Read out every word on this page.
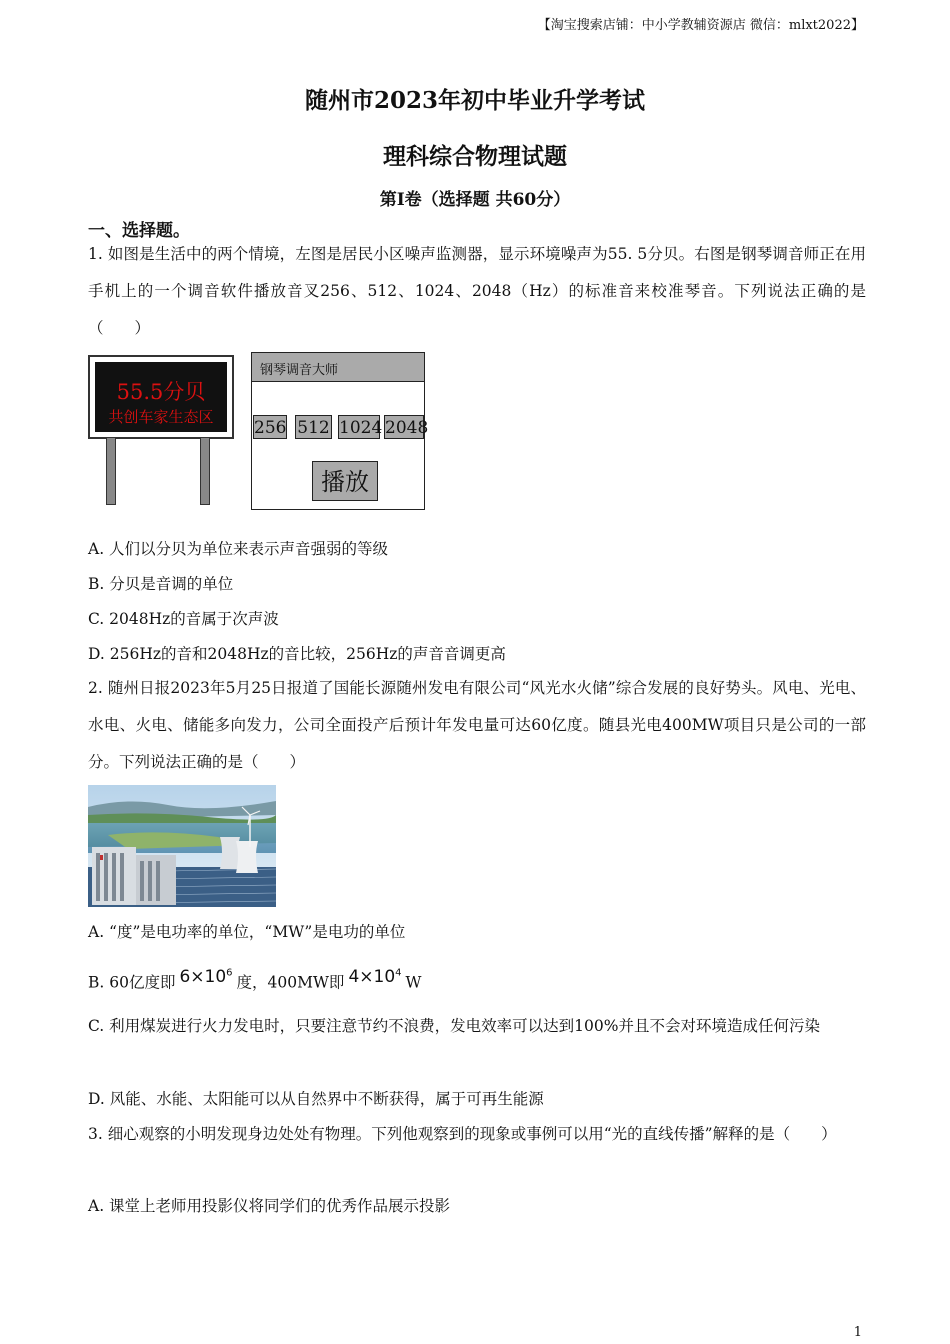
【淘宝搜索店铺：中小学教辅资源店 微信：mlxt2022】
随州市2023年初中毕业升学考试
理科综合物理试题
第I卷（选择题 共60分）
一、选择题。
1. 如图是生活中的两个情境，左图是居民小区噪声监测器，显示环境噪声为55. 5分贝。右图是钢琴调音师正在用手机上的一个调音软件播放音叉256、512、1024、2048（Hz）的标准音来校准琴音。下列说法正确的是（　　）
55.5分贝
共创车家生态区
钢琴调音大师
256 512 1024 2048
播放
A. 人们以分贝为单位来表示声音强弱的等级
B. 分贝是音调的单位
C. 2048Hz的音属于次声波
D. 256Hz的音和2048Hz的音比较，256Hz的声音音调更高
2. 随州日报2023年5月25日报道了国能长源随州发电有限公司“风光水火储”综合发展的良好势头。风电、光电、水电、火电、储能多向发力，公司全面投产后预计年发电量可达60亿度。随县光电400MW项目只是公司的一部分。下列说法正确的是（　　）
A. “度”是电功率的单位，“MW”是电功的单位
B. 60亿度即 $6\times 10^6$度，400MW即 $4\times 10^4W$
C. 利用煤炭进行火力发电时，只要注意节约不浪费，发电效率可以达到100%并且不会对环境造成任何污染
D. 风能、水能、太阳能可以从自然界中不断获得，属于可再生能源
3. 细心观察的小明发现身边处处有物理。下列他观察到的现象或事例可以用“光的直线传播”解释的是（　　）
A. 课堂上老师用投影仪将同学们的优秀作品展示投影
1
